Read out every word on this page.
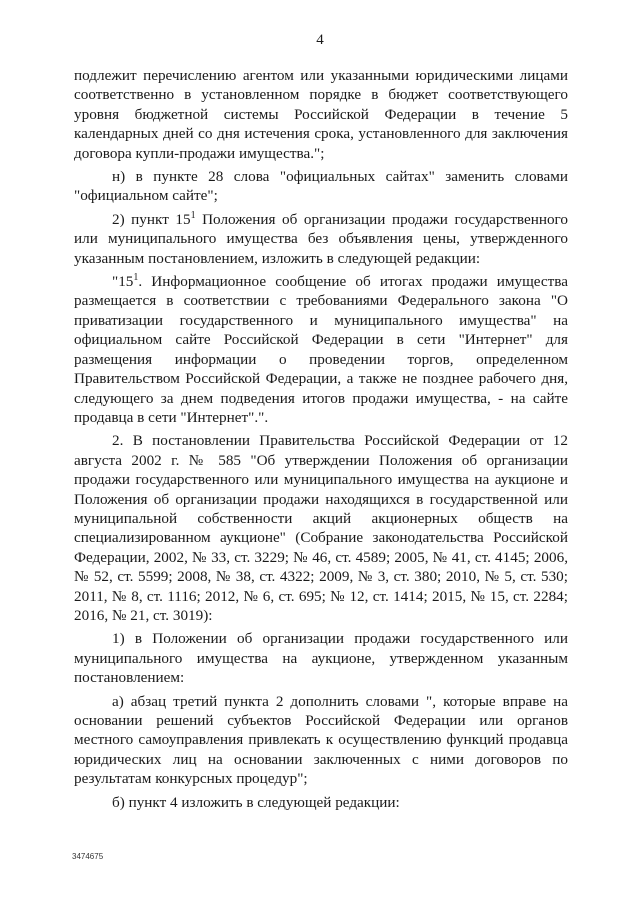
4

подлежит перечислению агентом или указанными юридическими лицами соответственно в установленном порядке в бюджет соответствующего уровня бюджетной системы Российской Федерации в течение 5 календарных дней со дня истечения срока, установленного для заключения договора купли-продажи имущества.";

н) в пункте 28 слова "официальных сайтах" заменить словами "официальном сайте";

2) пункт $15^1$ Положения об организации продажи государственного или муниципального имущества без объявления цены, утвержденного указанным постановлением, изложить в следующей редакции:

"$15^1$. Информационное сообщение об итогах продажи имущества размещается в соответствии с требованиями Федерального закона "О приватизации государственного и муниципального имущества" на официальном сайте Российской Федерации в сети "Интернет" для размещения информации о проведении торгов, определенном Правительством Российской Федерации, а также не позднее рабочего дня, следующего за днем подведения итогов продажи имущества, - на сайте продавца в сети "Интернет".".

2. В постановлении Правительства Российской Федерации от 12 августа 2002 г. № 585 "Об утверждении Положения об организации продажи государственного или муниципального имущества на аукционе и Положения об организации продажи находящихся в государственной или муниципальной собственности акций акционерных обществ на специализированном аукционе" (Собрание законодательства Российской Федерации, 2002, № 33, ст. 3229; № 46, ст. 4589; 2005, № 41, ст. 4145; 2006, № 52, ст. 5599; 2008, № 38, ст. 4322; 2009, № 3, ст. 380; 2010, № 5, ст. 530; 2011, № 8, ст. 1116; 2012, № 6, ст. 695; № 12, ст. 1414; 2015, № 15, ст. 2284; 2016, № 21, ст. 3019):

1) в Положении об организации продажи государственного или муниципального имущества на аукционе, утвержденном указанным постановлением:

а) абзац третий пункта 2 дополнить словами ", которые вправе на основании решений субъектов Российской Федерации или органов местного самоуправления привлекать к осуществлению функций продавца юридических лиц на основании заключенных с ними договоров по результатам конкурсных процедур";

б) пункт 4 изложить в следующей редакции:

3474675
